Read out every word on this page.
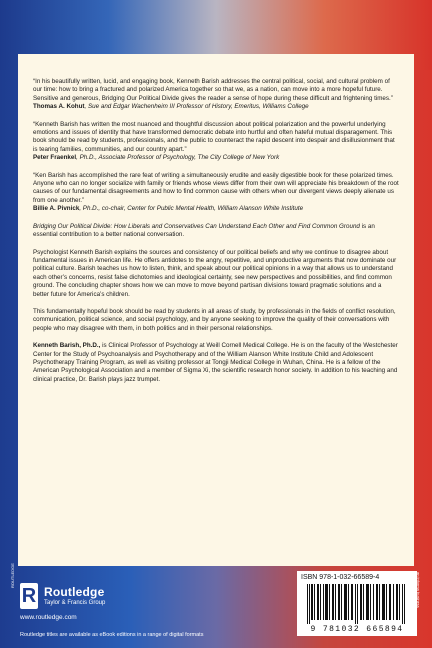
“In his beautifully written, lucid, and engaging book, Kenneth Barish addresses the central political, social, and cultural problem of our time: how to bring a fractured and polarized America together so that we, as a nation, can move into a more hopeful future. Sensitive and generous, Bridging Our Political Divide gives the reader a sense of hope during these difficult and frightening times.”
Thomas A. Kohut, Sue and Edgar Wachenheim III Professor of History, Emeritus, Williams College

“Kenneth Barish has written the most nuanced and thoughtful discussion about political polarization and the powerful underlying emotions and issues of identity that have transformed democratic debate into hurtful and often hateful mutual disparagement. This book should be read by students, professionals, and the public to counteract the rapid descent into despair and disillusionment that is tearing families, communities, and our country apart.”
Peter Fraenkel, Ph.D., Associate Professor of Psychology, The City College of New York

“Ken Barish has accomplished the rare feat of writing a simultaneously erudite and easily digestible book for these polarized times. Anyone who can no longer socialize with family or friends whose views differ from their own will appreciate his breakdown of the root causes of our fundamental disagreements and how to find common cause with others when our divergent views deeply alienate us from one another.”
Billie A. Pivnick, Ph.D., co-chair, Center for Public Mental Health, William Alanson White Institute

Bridging Our Political Divide: How Liberals and Conservatives Can Understand Each Other and Find Common Ground is an essential contribution to a better national conversation.

Psychologist Kenneth Barish explains the sources and consistency of our political beliefs and why we continue to disagree about fundamental issues in American life. He offers antidotes to the angry, repetitive, and unproductive arguments that now dominate our political culture. Barish teaches us how to listen, think, and speak about our political opinions in a way that allows us to understand each other’s concerns, resist false dichotomies and ideological certainty, see new perspectives and possibilities, and find common ground. The concluding chapter shows how we can move to move beyond partisan divisions toward pragmatic solutions and a better future for America’s children.

This fundamentally hopeful book should be read by students in all areas of study, by professionals in the fields of conflict resolution, communication, political science, and social psychology, and by anyone seeking to improve the quality of their conversations with people who may disagree with them, in both politics and in their personal relationships.

Kenneth Barish, Ph.D., is Clinical Professor of Psychology at Weill Cornell Medical College. He is on the faculty of the Westchester Center for the Study of Psychoanalysis and Psychotherapy and of the William Alanson White Institute Child and Adolescent Psychotherapy Training Program, as well as visiting professor at Tongji Medical College in Wuhan, China. He is a fellow of the American Psychological Association and a member of Sigma Xi, the scientific research honor society. In addition to his teaching and clinical practice, Dr. Barish plays jazz trumpet.

R
ROUTLEDGE
Routledge
Taylor & Francis Group
www.routledge.com
Routledge titles are available as eBook editions in a range of digital formats
ISBN 978-1-032-66589-4
9 781032 665894
an informa business
